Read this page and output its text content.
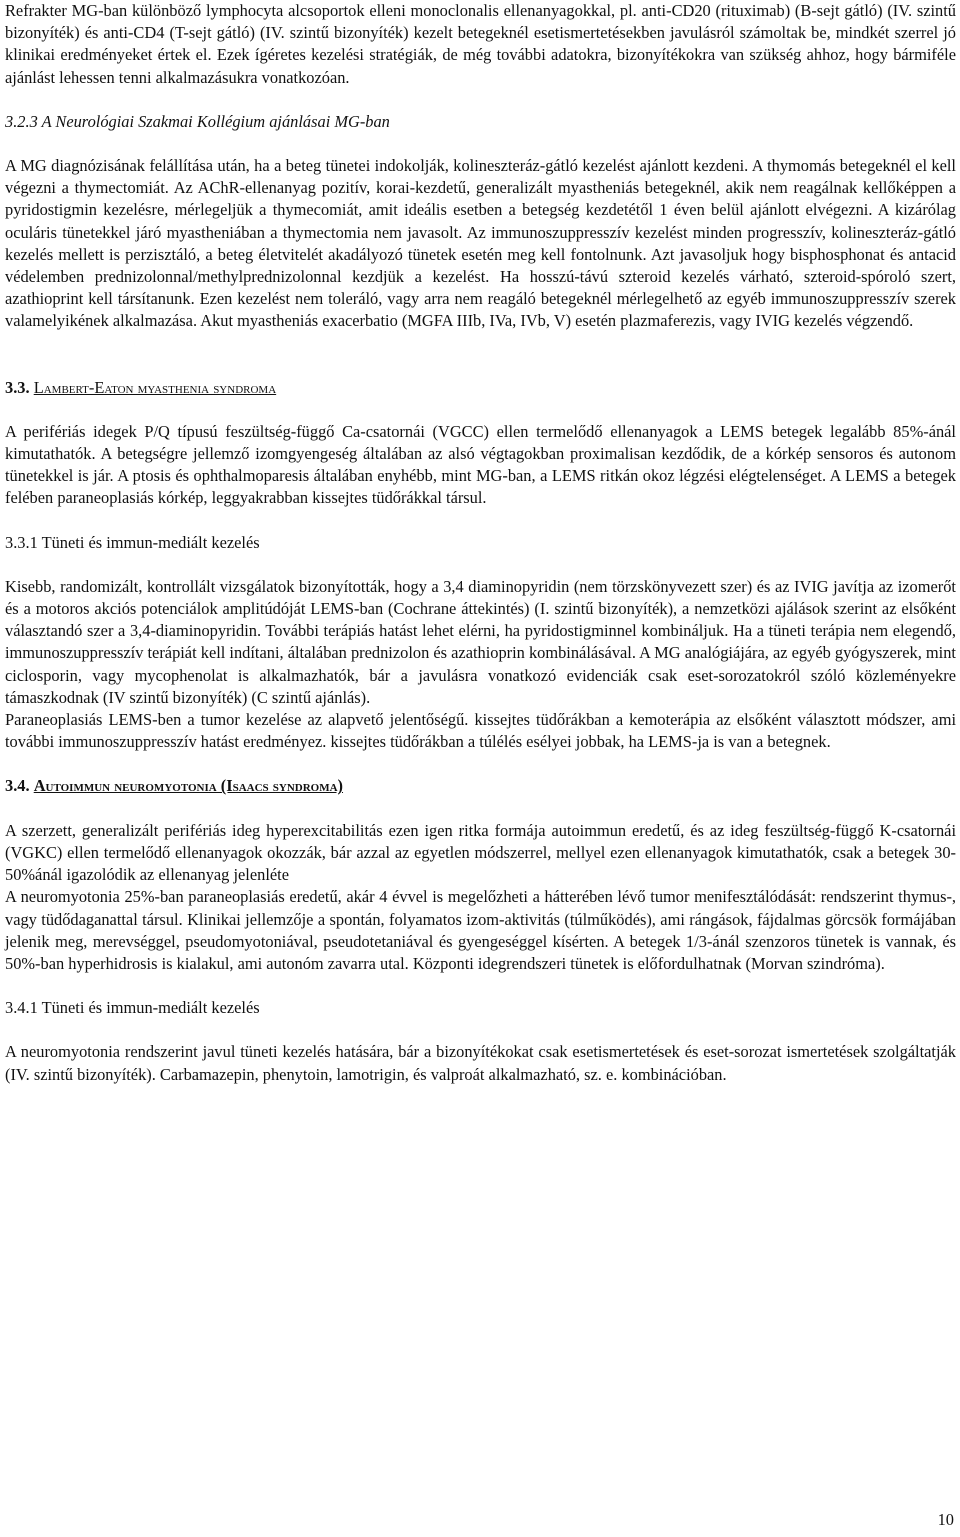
Refrakter MG-ban különböző lymphocyta alcsoportok elleni monoclonalis ellenanyagokkal, pl. anti-CD20 (rituximab) (B-sejt gátló) (IV. szintű bizonyíték) és anti-CD4 (T-sejt gátló) (IV. szintű bizonyíték) kezelt betegeknél esetismertetésekben javulásról számoltak be, mindkét szerrel jó klinikai eredményeket értek el. Ezek ígéretes kezelési stratégiák, de még további adatokra, bizonyítékokra van szükség ahhoz, hogy bármiféle ajánlást lehessen tenni alkalmazásukra vonatkozóan.

3.2.3 A Neurológiai Szakmai Kollégium ajánlásai MG-ban

A MG diagnózisának felállítása után, ha a beteg tünetei indokolják, kolineszteráz-gátló kezelést ajánlott kezdeni. A thymomás betegeknél el kell végezni a thymectomiát. Az AChR-ellenanyag pozitív, korai-kezdetű, generalizált myastheniás betegeknél, akik nem reagálnak kellőképpen a pyridostigmin kezelésre, mérlegeljük a thymecomiát, amit ideális esetben a betegség kezdetétől 1 éven belül ajánlott elvégezni. A kizárólag oculáris tünetekkel járó myastheniában a thymectomia nem javasolt. Az immunoszuppresszív kezelést minden progresszív, kolineszteráz-gátló kezelés mellett is perzisztáló, a beteg életvitelét akadályozó tünetek esetén meg kell fontolnunk. Azt javasoljuk hogy bisphosphonat és antacid védelemben prednizolonnal/methylprednizolonnal kezdjük a kezelést. Ha hosszú-távú szteroid kezelés várható, szteroid-spóroló szert, azathioprint kell társítanunk. Ezen kezelést nem toleráló, vagy arra nem reagáló betegeknél mérlegelhető az egyéb immunoszuppresszív szerek valamelyikének alkalmazása. Akut myastheniás exacerbatio (MGFA IIIb, IVa, IVb, V) esetén plazmaferezis, vagy IVIG kezelés végzendő.

3.3. Lambert-Eaton myasthenia syndroma

A perifériás idegek P/Q típusú feszültség-függő Ca-csatornái (VGCC) ellen termelődő ellenanyagok a LEMS betegek legalább 85%-ánál kimutathatók. A betegségre jellemző izomgyengeség általában az alsó végtagokban proximalisan kezdődik, de a kórkép sensoros és autonom tünetekkel is jár. A ptosis és ophthalmoparesis általában enyhébb, mint MG-ban, a LEMS ritkán okoz légzési elégtelenséget. A LEMS a betegek felében paraneoplasiás kórkép, leggyakrabban kissejtes tüdőrákkal társul.

3.3.1 Tüneti és immun-mediált kezelés

Kisebb, randomizált, kontrollált vizsgálatok bizonyították, hogy a 3,4 diaminopyridin (nem törzskönyvezett szer) és az IVIG javítja az izomerőt és a motoros akciós potenciálok amplitúdóját LEMS-ban (Cochrane áttekintés) (I. szintű bizonyíték), a nemzetközi ajálások szerint az elsőként választandó szer a 3,4-diaminopyridin. További terápiás hatást lehet elérni, ha pyridostigminnel kombináljuk. Ha a tüneti terápia nem elegendő, immunoszuppresszív terápiát kell indítani, általában prednizolon és azathioprin kombinálásával. A MG analógiájára, az egyéb gyógyszerek, mint ciclosporin, vagy mycophenolat is alkalmazhatók, bár a javulásra vonatkozó evidenciák csak eset-sorozatokról szóló közleményekre támaszkodnak (IV szintű bizonyíték) (C szintű ajánlás).

Paraneoplasiás LEMS-ben a tumor kezelése az alapvető jelentőségű. kissejtes tüdőrákban a kemoterápia az elsőként választott módszer, ami további immunoszuppresszív hatást eredményez. kissejtes tüdőrákban a túlélés esélyei jobbak, ha LEMS-ja is van a betegnek.

3.4. Autoimmun neuromyotonia (Isaacs syndroma)

A szerzett, generalizált perifériás ideg hyperexcitabilitás ezen igen ritka formája autoimmun eredetű, és az ideg feszültség-függő K-csatornái (VGKC) ellen termelődő ellenanyagok okozzák, bár azzal az egyetlen módszerrel, mellyel ezen ellenanyagok kimutathatók, csak a betegek 30-50%ánál igazolódik az ellenanyag jelenléte

A neuromyotonia 25%-ban paraneoplasiás eredetű, akár 4 évvel is megelőzheti a hátterében lévő tumor menifesztálódását: rendszerint thymus-, vagy tüdődaganattal társul. Klinikai jellemzője a spontán, folyamatos izom-aktivitás (túlműködés), ami rángások, fájdalmas görcsök formájában jelenik meg, merevséggel, pseudomyotoniával, pseudotetaniával és gyengeséggel kísérten. A betegek 1/3-ánál szenzoros tünetek is vannak, és 50%-ban hyperhidrosis is kialakul, ami autonóm zavarra utal. Központi idegrendszeri tünetek is előfordulhatnak (Morvan szindróma).

3.4.1 Tüneti és immun-mediált kezelés

A neuromyotonia rendszerint javul tüneti kezelés hatására, bár a bizonyítékokat csak esetismertetések és eset-sorozat ismertetések szolgáltatják (IV. szintű bizonyíték). Carbamazepin, phenytoin, lamotrigin, és valproát alkalmazható, sz. e. kombinációban.

10
